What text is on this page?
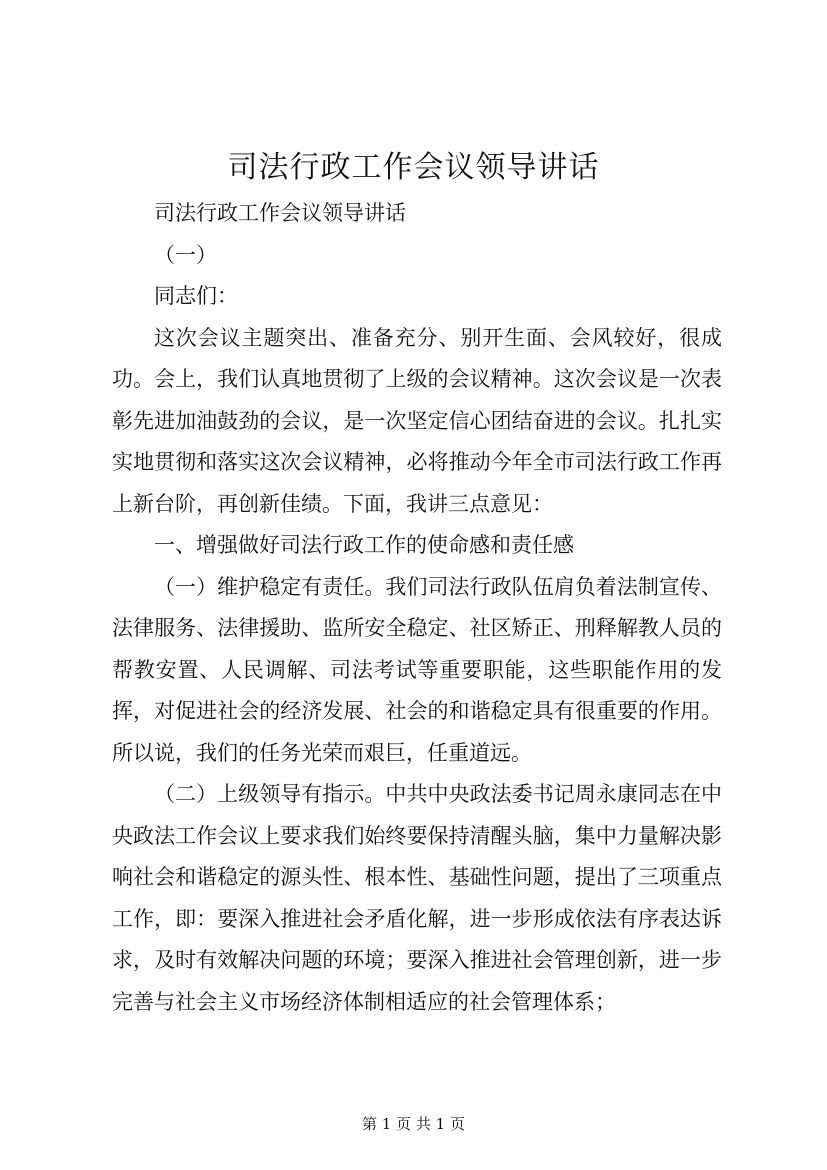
司法行政工作会议领导讲话

司法行政工作会议领导讲话

（一）

同志们：

这次会议主题突出、准备充分、别开生面、会风较好，很成功。会上，我们认真地贯彻了上级的会议精神。这次会议是一次表彰先进加油鼓劲的会议，是一次坚定信心团结奋进的会议。扎扎实实地贯彻和落实这次会议精神，必将推动今年全市司法行政工作再上新台阶，再创新佳绩。下面，我讲三点意见：

一、增强做好司法行政工作的使命感和责任感

（一）维护稳定有责任。我们司法行政队伍肩负着法制宣传、法律服务、法律援助、监所安全稳定、社区矫正、刑释解教人员的帮教安置、人民调解、司法考试等重要职能，这些职能作用的发挥，对促进社会的经济发展、社会的和谐稳定具有很重要的作用。所以说，我们的任务光荣而艰巨，任重道远。

（二）上级领导有指示。中共中央政法委书记周永康同志在中央政法工作会议上要求我们始终要保持清醒头脑，集中力量解决影响社会和谐稳定的源头性、根本性、基础性问题，提出了三项重点工作，即：要深入推进社会矛盾化解，进一步形成依法有序表达诉求，及时有效解决问题的环境；要深入推进社会管理创新，进一步完善与社会主义市场经济体制相适应的社会管理体系；

第 1 页 共 1 页
